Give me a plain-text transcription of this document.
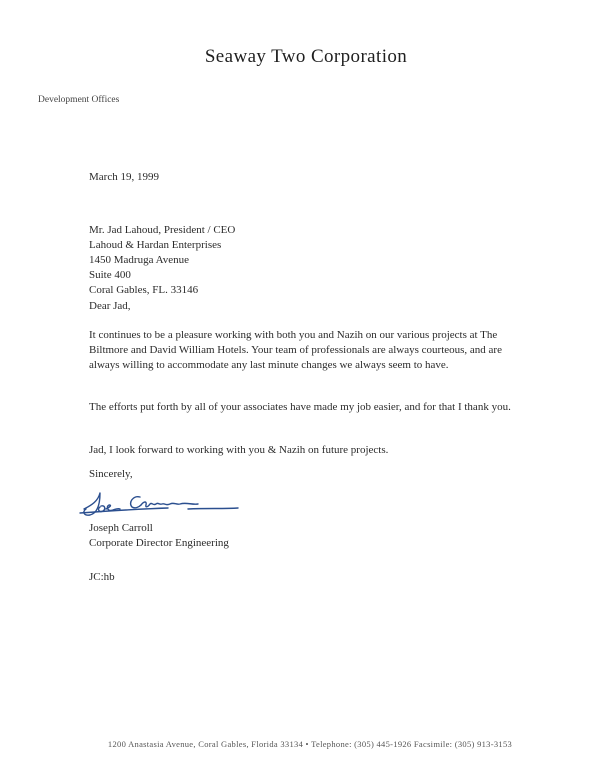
Seaway Two Corporation
Development Offices
March 19, 1999
Mr. Jad Lahoud, President / CEO
Lahoud & Hardan Enterprises
1450 Madruga Avenue
Suite 400
Coral Gables, FL. 33146
Dear Jad,
It continues to be a pleasure working with both you and Nazih on our various projects at The Biltmore and David William Hotels. Your team of professionals are always courteous, and are always willing to accommodate any last minute changes we always seem to have.
The efforts put forth by all of your associates have made my job easier, and for that I thank you.
Jad, I look forward to working with you & Nazih on future projects.
Sincerely,
Joseph Carroll
Corporate Director Engineering
JC:hb
1200 Anastasia Avenue, Coral Gables, Florida 33134 • Telephone: (305) 445-1926 Facsimile: (305) 913-3153
